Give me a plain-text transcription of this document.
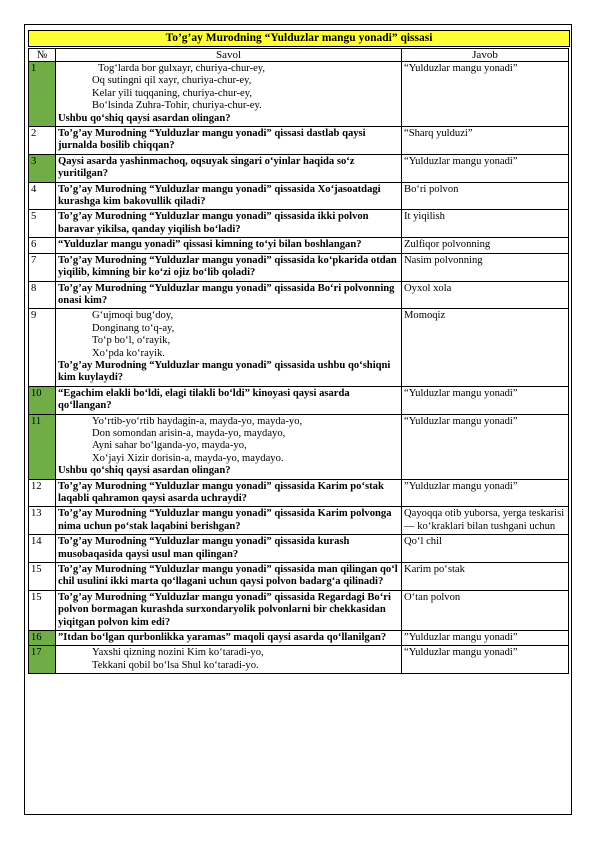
To’g’ay Murodning “Yulduzlar mangu yonadi” qissasi
№	Savol	Javob
1	Tog‘larda bor gulxayr, churiya-chur-ey,
Oq sutingni qil xayr, churiya-chur-ey,
Kelar yili tuqqaning, churiya-chur-ey,
Bo‘lsinda Zuhra-Tohir, churiya-chur-ey.
Ushbu qo‘shiq qaysi asardan olingan?	“Yulduzlar mangu yonadi”
2	To’g’ay Murodning “Yulduzlar mangu yonadi” qissasi dastlab qaysi jurnalda bosilib chiqqan?	“Sharq yulduzi”
3	Qaysi asarda yashinmachoq, oqsuyak singari o‘yinlar haqida so‘z yuritilgan?	“Yulduzlar mangu yonadi”
4	To’g’ay Murodning “Yulduzlar mangu yonadi” qissasida Xo‘jasoatdagi kurashga kim bakovullik qiladi?	Bo‘ri polvon
5	To’g’ay Murodning “Yulduzlar mangu yonadi” qissasida ikki polvon baravar yikilsa, qanday yiqilish bo‘ladi?	It yiqilish
6	“Yulduzlar mangu yonadi” qissasi kimning to‘yi bilan boshlangan?	Zulfiqor polvonning
7	To’g’ay Murodning “Yulduzlar mangu yonadi” qissasida ko‘pkarida otdan yiqilib, kimning bir ko‘zi ojiz bo‘lib qoladi?	Nasim polvonning
8	To’g’ay Murodning “Yulduzlar mangu yonadi” qissasida Bo‘ri polvonning onasi kim?	Oyxol xola
9	G‘ujmoqi bug‘doy,
Donginang to‘q-ay,
To‘p bo‘l, o‘rayik,
Xo‘pda ko‘rayik.
To’g’ay Murodning “Yulduzlar mangu yonadi” qissasida ushbu qo‘shiqni kim kuylaydi?	Momoqiz
10	“Egachim elakli bo‘ldi, elagi tilakli bo‘ldi” kinoyasi qaysi asarda qo‘llangan?	“Yulduzlar mangu yonadi”
11	Yo‘rtib-yo‘rtib haydagin-a, mayda-yo, mayda-yo,
Don somondan arisin-a, mayda-yo, maydayo,
Ayni sahar bo‘lganda-yo, mayda-yo,
Xo‘jayi Xizir dorisin-a, mayda-yo, maydayo.
Ushbu qo‘shiq qaysi asardan olingan?	“Yulduzlar mangu yonadi”
12	To’g’ay Murodning “Yulduzlar mangu yonadi” qissasida Karim po‘stak laqabli qahramon qaysi asarda uchraydi?	”Yulduzlar mangu yonadi”
13	To’g’ay Murodning “Yulduzlar mangu yonadi” qissasida Karim polvonga nima uchun po‘stak laqabini berishgan?	Qayoqqa otib yuborsa, yerga teskarisi — ko‘kraklari bilan tushgani uchun
14	To’g’ay Murodning “Yulduzlar mangu yonadi” qissasida kurash musobaqasida qaysi usul man qilingan?	Qo‘l chil
15	To’g’ay Murodning “Yulduzlar mangu yonadi” qissasida man qilingan qo‘l chil usulini ikki marta qo‘llagani uchun qaysi polvon badarg‘a qilinadi?	Karim po‘stak
15	To’g’ay Murodning “Yulduzlar mangu yonadi” qissasida Regardagi Bo‘ri polvon bormagan kurashda surxondaryolik polvonlarni bir chekkasidan yiqitgan polvon kim edi?	O‘tan polvon
16	”Itdan bo‘lgan qurbonlikka yaramas” maqoli qaysi asarda qo‘llanilgan?	”Yulduzlar mangu yonadi”
17	Yaxshi qizning nozini Kim ko‘taradi-yo,
Tekkani qobil bo‘lsa Shul ko‘taradi-yo.	“Yulduzlar mangu yonadi”
